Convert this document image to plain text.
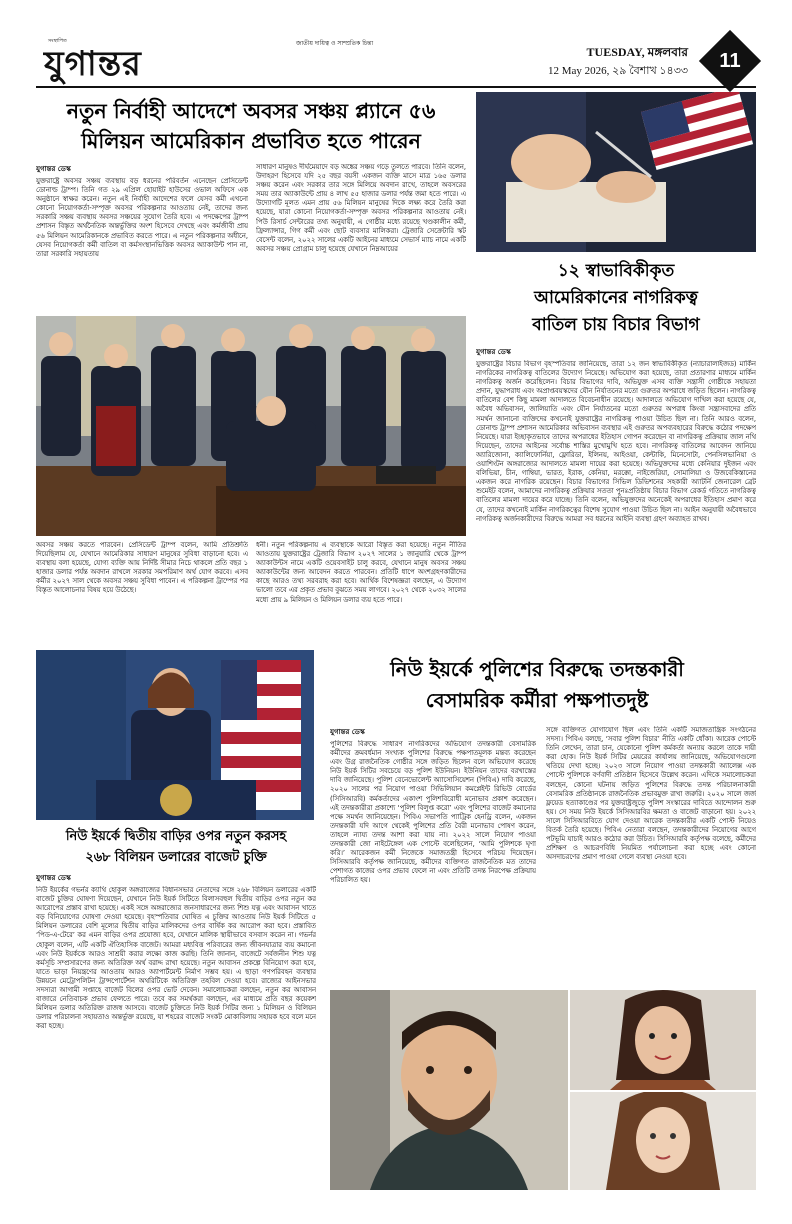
সংস্থাপিত
যুগান্তর
জাতীয় দায়িত্ব ও সাম্প্রতিক চিন্তা
TUESDAY, মঙ্গলবার
12 May 2026, ২৯ বৈশাখ ১৪৩৩	11
নতুন নির্বাহী আদেশে অবসর সঞ্চয় প্ল্যানে ৫৬
মিলিয়ন আমেরিকান প্রভাবিত হতে পারেন
যুগান্তর ডেস্ক
যুক্তরাষ্ট্রে অবসর সঞ্চয় ব্যবস্থায় বড় ধরনের পরিবর্তন এনেছেন প্রেসিডেন্ট ডোনাল্ড ট্রাম্প। তিনি গত ২৯ এপ্রিল হোয়াইট হাউসের ওভাল অফিসে এক অনুষ্ঠানে স্বাক্ষর করেন। নতুন এই নির্বাহী আদেশের ফলে যেসব কর্মী এখনো কোনো নিয়োগকর্তা-সম্পৃক্ত অবসর পরিকল্পনার আওতায় নেই, তাদের জন্য সরকারি সঞ্চয় ব্যবস্থায় অবসর সঞ্চয়ের সুযোগ তৈরি হবে। এ পদক্ষেপের ট্রাম্প প্রশাসন বিস্তৃত অর্থনৈতিক অন্তর্ভুক্তির অংশ হিসেবে দেখছে এবং কর্মজীবী প্রায় ৫৬ মিলিয়ন আমেরিকানকে প্রভাবিত করতে পারে। এ নতুন পরিকল্পনার অধীনে, যেসব নিয়োগকর্তা কর্মী বাতিল বা কর্মসংস্থানভিত্তিক অবসর অ্যাকাউন্ট পান না, তারা সরকারি সহায়তায়
সাধারণ মানুষও দীর্ঘমেয়াদে বড় অঙ্কের সঞ্চয় গড়ে তুলতে পারবে। তিনি বলেন, উদাহরণ হিসেবে যদি ২৫ বছর বয়সী একজন ব্যক্তি মাসে মাত্র ১৬৫ ডলার সঞ্চয় করেন এবং সরকার তার সঙ্গে মিলিয়ে অবদান রাখে, তাহলে অবসরের সময় তার অ্যাকাউন্টে প্রায় ৪ লাখ ৫৫ হাজার ডলার পর্যন্ত জমা হতে পারে। এ উদ্যোগটি মূলত এমন প্রায় ৫৬ মিলিয়ন মানুষের দিকে লক্ষ্য করে তৈরি করা হয়েছে, যারা কোনো নিয়োগকর্তা-সম্পৃক্ত অবসর পরিকল্পনার আওতায় নেই। পিউ রিসার্চ সেন্টারের তথ্য অনুযায়ী, এ গোষ্ঠীর মধ্যে রয়েছে খণ্ডকালীন কর্মী, ফ্রিল্যান্সার, গিগ কর্মী এবং ছোট ব্যবসার মালিকরা। ট্রেজারি সেক্রেটারি স্কট বেসেন্ট বলেন, ২০২২ সালের একটি আইনের মাধ্যমে সেভার্স ম্যাচ নামে একটি অবসর সঞ্চয় প্রোগ্রাম চালু হয়েছে যেখানে নিম্নআয়ের
অবসর সঞ্চয় করতে পারবেন। প্রেসিডেন্ট ট্রাম্প বলেন, আমি প্রতিশ্রুতি দিয়েছিলাম যে, যেখানে আমেরিকার সাধারণ মানুষের সুবিধা বাড়ানো হবে। এ ব্যবস্থায় বলা হয়েছে, যোগ্য ব্যক্তি আয় নির্দিষ্ট সীমার নিচে থাকলে প্রতি বছর ১ হাজার ডলার পর্যন্ত অবদান রাখলে সরকার সমপরিমাণ অর্থ যোগ করবে। এসব কর্মীর ২০২৭ সাল থেকে অবসর সঞ্চয় সুবিধা পাবেন। এ পরিকল্পনা ট্রাম্পের পর বিস্তৃত আলোচনার বিষয় হয়ে উঠেছে।
ধনী। নতুন পরিকল্পনায় এ ব্যবস্থাকে আরো বিস্তৃত করা হয়েছে। নতুন নীতির আওতায় যুক্তরাষ্ট্রের ট্রেজারি বিভাগ ২০২৭ সালের ১ জানুয়ারি থেকে ট্রাম্প অ্যাকাউন্টস নামে একটি ওয়েবসাইট চালু করবে, যেখানে মানুষ অবসর সঞ্চয় অ্যাকাউন্টের জন্য আবেদন করতে পারবেন। প্রতিটি ধাপে অংশগ্রহণকারীদের কাছে আরও তথ্য সরবরাহ করা হবে। আর্থিক বিশেষজ্ঞরা বলছেন, এ উদ্যোগ ভালো তবে এর প্রকৃত প্রভাব বুঝতে সময় লাগবে। ২০২৭ থেকে ২০৩২ সালের মধ্যে প্রায় ৯ মিলিয়ন ও মিলিয়ন ডলার ব্যয় হতে পারে।
১২ স্বাভাবিকীকৃত
আমেরিকানের নাগরিকত্ব
বাতিল চায় বিচার বিভাগ
যুগান্তর ডেস্ক
যুক্তরাষ্ট্রের বিচার বিভাগ বৃহস্পতিবার জানিয়েছে, তারা ১২ জন স্বাভাবিকীকৃত (ন্যাচারালাইজড) মার্কিন নাগরিকের নাগরিকত্ব বাতিলের উদ্যোগ নিয়েছে। অভিযোগ করা হয়েছে, তারা প্রতারণার মাধ্যমে মার্কিন নাগরিকত্ব অর্জন করেছিলেন। বিচার বিভাগের দাবি, অভিযুক্ত এসব ব্যক্তি সন্ত্রাসী গোষ্ঠীকে সহায়তা প্রদান, যুদ্ধাপরাধ এবং অপ্রাপ্তবয়স্কদের যৌন নির্যাতনের মতো গুরুতর অপরাধে জড়িত ছিলেন। নাগরিকত্ব বাতিলের বেশ কিছু মামলা আদালতে বিবেচনাধীন রয়েছে। আদালতে অভিযোগ দাখিল করা হয়েছে যে, অবৈধ অভিবাসন, জালিয়াতি এবং যৌন নির্যাতনের মতো গুরুতর অপরাধ কিংবা সন্ত্রাসবাদের প্রতি সমর্থন জানানো ব্যক্তিদের কখনোই যুক্তরাষ্ট্রের নাগরিকত্ব পাওয়া উচিত ছিল না। তিনি আরও বলেন, ডোনাল্ড ট্রাম্প প্রশাসন আমেরিকার অভিবাসন ব্যবস্থার এই গুরুতর অপব্যবহারের বিরুদ্ধে কঠোর পদক্ষেপ নিয়েছে। যারা ইচ্ছাকৃতভাবে তাদের অপরাধের ইতিহাস গোপন করেছেন বা নাগরিকত্ব প্রক্রিয়ায় জাল নথি দিয়েছেন, তাদের আইনের সর্বোচ্চ শাস্তির মুখোমুখি হতে হবে। নাগরিকত্ব বাতিলের আবেদন জানিয়ে অ্যারিজোনা, ক্যালিফোর্নিয়া, ফ্লোরিডা, ইলিনয়, আইওয়া, কেন্টাকি, মিনেসোটা, পেনসিলভানিয়া ও ওয়াশিংটন অঙ্গরাজ্যের আদালতে মামলা দায়ের করা হয়েছে। অভিযুক্তদের মধ্যে কেনিয়ার দুইজন এবং বলিভিয়া, চীন, গাম্বিয়া, ভারত, ইরাক, কেনিয়া, মরক্কো, নাইজেরিয়া, সোমালিয়া ও উজবেকিস্তানের একজন করে নাগরিক রয়েছেন। বিচার বিভাগের সিভিল ডিভিশনের সহকারী অ্যাটর্নি জেনারেল ব্রেট শুমেইট বলেন, আমাদের নাগরিকত্ব প্রক্রিয়ার সততা পুনঃপ্রতিষ্ঠায় বিচার বিভাগ রেকর্ড গতিতে নাগরিকত্ব বাতিলের মামলা দায়ের করে যাচ্ছে। তিনি বলেন, অভিযুক্তদের অনেকেই অপরাধের ইতিহাস প্রমাণ করে যে, তাদের কখনোই মার্কিন নাগরিকত্বের বিশেষ সুযোগ পাওয়া উচিত ছিল না। আইন অনুযায়ী অবৈধভাবে নাগরিকত্ব অর্জনকারীদের বিরুদ্ধে আমরা সব ধরনের আইনি ব্যবস্থা গ্রহণ অব্যাহত রাখব।
নিউ ইয়র্কে দ্বিতীয় বাড়ির ওপর নতুন করসহ
২৬৮ বিলিয়ন ডলারের বাজেট চুক্তি
যুগান্তর ডেস্ক
নিউ ইয়র্কের গভর্নর ক্যাথি হোকুল অঙ্গরাজ্যের বিধানসভার নেতাদের সঙ্গে ২৬৮ বিলিয়ন ডলারের একটি বাজেট চুক্তির ঘোষণা দিয়েছেন, যেখানে নিউ ইয়র্ক সিটিতে বিলাসবহুল দ্বিতীয় বাড়ির ওপর নতুন কর আরোপের প্রস্তাব রাখা হয়েছে। একই সঙ্গে অঙ্গরাজ্যের জনসাধারণের জন্য শিশু যত্ন এবং আবাসন খাতে বড় বিনিয়োগের ঘোষণা দেওয়া হয়েছে। বৃহস্পতিবার ঘোষিত এ চুক্তির আওতায় নিউ ইয়র্ক সিটিতে ৫ মিলিয়ন ডলারের বেশি মূল্যের দ্বিতীয় বাড়ির মালিকদের ওপর বার্ষিক কর আরোপ করা হবে। প্রস্তাবিত ‘পিড-এ-টেরে’ কর এমন বাড়ির ওপর প্রযোজ্য হবে, যেখানে মালিক স্থায়ীভাবে বসবাস করেন না। গভর্নর হোকুল বলেন, এটি একটি ঐতিহাসিক বাজেট। আমরা মধ্যবিত্ত পরিবারের জন্য জীবনযাত্রার ব্যয় কমানো এবং নিউ ইয়র্ককে আরও সাশ্রয়ী করার লক্ষ্যে কাজ করছি। তিনি জানান, বাজেটে সর্বজনীন শিশু যত্ন কর্মসূচি সম্প্রসারণের জন্য অতিরিক্ত অর্থ বরাদ্দ রাখা হয়েছে। নতুন আবাসন প্রকল্পে বিনিয়োগ করা হবে, যাতে ভাড়া নিয়ন্ত্রণের আওতায় আরও অ্যাপার্টমেন্ট নির্মাণ সম্ভব হয়। এ ছাড়া গণপরিবহন ব্যবস্থার উন্নয়নে মেট্রোপলিটন ট্রান্সপোর্টেশন অথরিটিকে অতিরিক্ত তহবিল দেওয়া হবে। রাজ্যের আইনসভার সদস্যরা আগামী সপ্তাহে বাজেট বিলের ওপর ভোট দেবেন। সমালোচকরা বলছেন, নতুন কর আবাসন বাজারে নেতিবাচক প্রভাব ফেলতে পারে। তবে কর সমর্থকরা বলছেন, এর মাধ্যমে প্রতি বছর কয়েকশ মিলিয়ন ডলার অতিরিক্ত রাজস্ব আসবে। বাজেট চুক্তিতে নিউ ইয়র্ক সিটির জন্য ১ মিলিয়ন ও বিলিয়ন ডলার পরিচালনা সহায়তাও অন্তর্ভুক্ত রয়েছে, যা শহরের বাজেট সংকট মোকাবিলায় সহায়ক হবে বলে মনে করা হচ্ছে।
নিউ ইয়র্কে পুলিশের বিরুদ্ধে তদন্তকারী
বেসামরিক কর্মীরা পক্ষপাতদুষ্ট
যুগান্তর ডেস্ক
পুলিশের বিরুদ্ধে সাধারণ নাগরিকদের অভিযোগ তদন্তকারী বেসামরিক কর্মীদের ক্রমবর্ধমান সংখ্যক পুলিশের বিরুদ্ধে পক্ষপাতমূলক মন্তব্য করেছেন এবং উগ্র রাজনৈতিক গোষ্ঠীর সঙ্গে জড়িত ছিলেন বলে অভিযোগ করেছে নিউ ইয়র্ক সিটির সবচেয়ে বড় পুলিশ ইউনিয়ন। ইউনিয়ন তাদের বরখাস্তের দাবি জানিয়েছে। পুলিশ বেনেভোলেন্ট অ্যাসোসিয়েশন (পিবিএ) দাবি করেছে, ২০২০ সালের পর নিয়োগ পাওয়া সিভিলিয়ান কমপ্লেইন্ট রিভিউ বোর্ডের (সিসিআরবি) কর্মকর্তাদের একাংশ পুলিশবিরোধী মনোভাব প্রকাশ করেছেন। এই তদন্তকারীরা প্রকাশ্যে ‘পুলিশ বিলুপ্ত করো’ এবং পুলিশের বাজেট কমানোর পক্ষে সমর্থন জানিয়েছেন। পিবিএ সভাপতি প্যাট্রিক হেনড্রি বলেন, একজন তদন্তকারী যদি আগে থেকেই পুলিশের প্রতি বৈরী মনোভাব পোষণ করেন, তাহলে ন্যায্য তদন্ত আশা করা যায় না। ২০২২ সালে নিয়োগ পাওয়া তদন্তকারী জো নাইটেঙ্গেল এক পোস্টে বলেছিলেন, ‘আমি পুলিশকে ঘৃণা করি।’ আরেকজন কর্মী নিজেকে সমাজতন্ত্রী হিসেবে পরিচয় দিয়েছেন। সিসিআরবি কর্তৃপক্ষ জানিয়েছে, কর্মীদের ব্যক্তিগত রাজনৈতিক মত তাদের পেশাগত কাজের ওপর প্রভাব ফেলে না এবং প্রতিটি তদন্ত নিরপেক্ষ প্রক্রিয়ায় পরিচালিত হয়।
সঙ্গে ব্যক্তিগত যোগাযোগ ছিল এবং তিনি একটি সমাজতান্ত্রিক সংগঠনের সদস্য। পিবিএ বলছে, ‘সবার পুলিশ বিচার’ নীতি একটি ধোঁকা। আরেক পোস্টে তিনি লেখেন, তারা চান, যেকোনো পুলিশ কর্মকর্তা অন্যায় করলে তাকে দায়ী করা হোক। নিউ ইয়র্ক সিটির মেয়রের কার্যালয় জানিয়েছে, অভিযোগগুলো খতিয়ে দেখা হচ্ছে। ২০২৩ সালে নিয়োগ পাওয়া তদন্তকারী অ্যালেক্স এক পোস্টে পুলিশকে বর্ণবাদী প্রতিষ্ঠান হিসেবে উল্লেখ করেন। এদিকে সমালোচকরা বলছেন, কোনো ঘটনায় জড়িত পুলিশের বিরুদ্ধে তদন্ত পরিচালনাকারী বেসামরিক প্রতিষ্ঠানকে রাজনৈতিক প্রভাবমুক্ত রাখা জরুরি। ২০২০ সালে জর্জ ফ্লয়েড হত্যাকাণ্ডের পর যুক্তরাষ্ট্রজুড়ে পুলিশ সংস্কারের দাবিতে আন্দোলন শুরু হয়। সে সময় নিউ ইয়র্কে সিসিআরবির ক্ষমতা ও বাজেট বাড়ানো হয়। ২০২২ সালে সিসিআরবিতে যোগ দেওয়া আরেক তদন্তকারীর একটি পোস্ট নিয়েও বিতর্ক তৈরি হয়েছে। পিবিএ নেতারা বলছেন, তদন্তকারীদের নিয়োগের আগে পটভূমি যাচাই আরও কঠোর করা উচিত। সিসিআরবি কর্তৃপক্ষ বলেছে, কর্মীদের প্রশিক্ষণ ও আচরণবিধি নিয়মিত পর্যালোচনা করা হচ্ছে এবং কোনো অসদাচরণের প্রমাণ পাওয়া গেলে ব্যবস্থা নেওয়া হবে।
